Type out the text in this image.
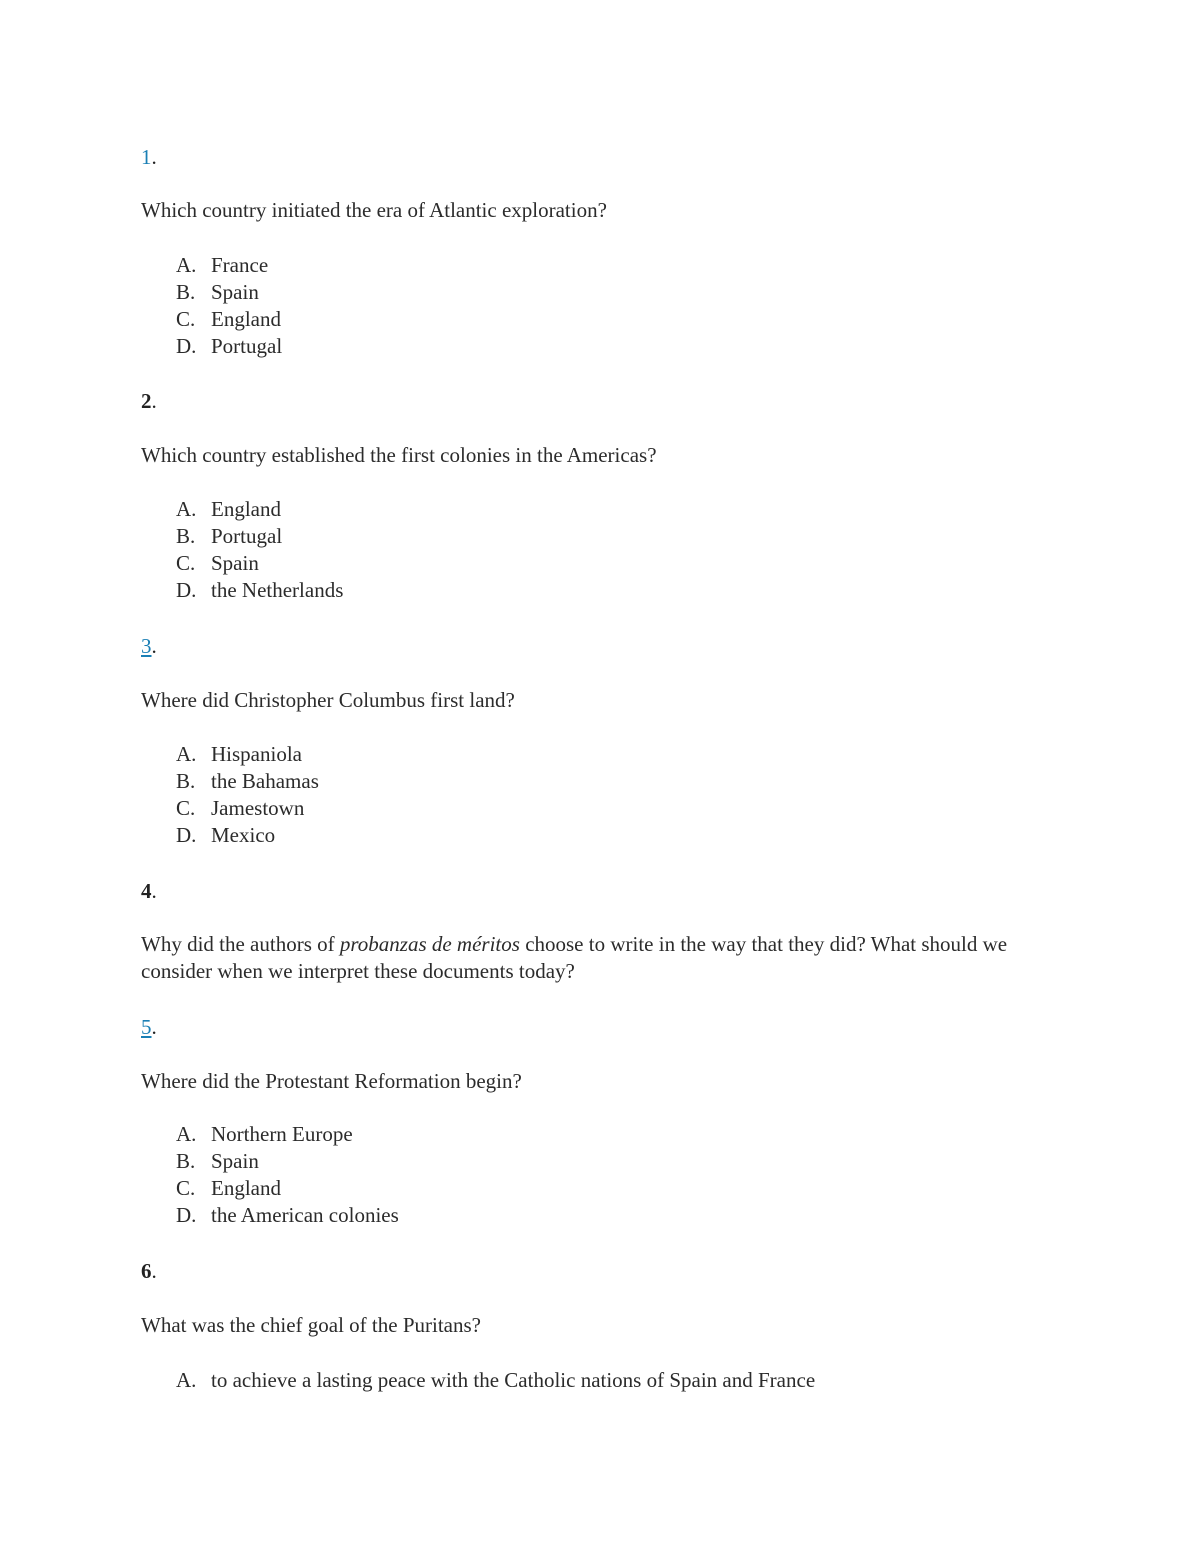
1.
Which country initiated the era of Atlantic exploration?
A. France
B. Spain
C. England
D. Portugal
2.
Which country established the first colonies in the Americas?
A. England
B. Portugal
C. Spain
D. the Netherlands
3.
Where did Christopher Columbus first land?
A. Hispaniola
B. the Bahamas
C. Jamestown
D. Mexico
4.
Why did the authors of probanzas de méritos choose to write in the way that they did? What should we consider when we interpret these documents today?
5.
Where did the Protestant Reformation begin?
A. Northern Europe
B. Spain
C. England
D. the American colonies
6.
What was the chief goal of the Puritans?
A. to achieve a lasting peace with the Catholic nations of Spain and France
